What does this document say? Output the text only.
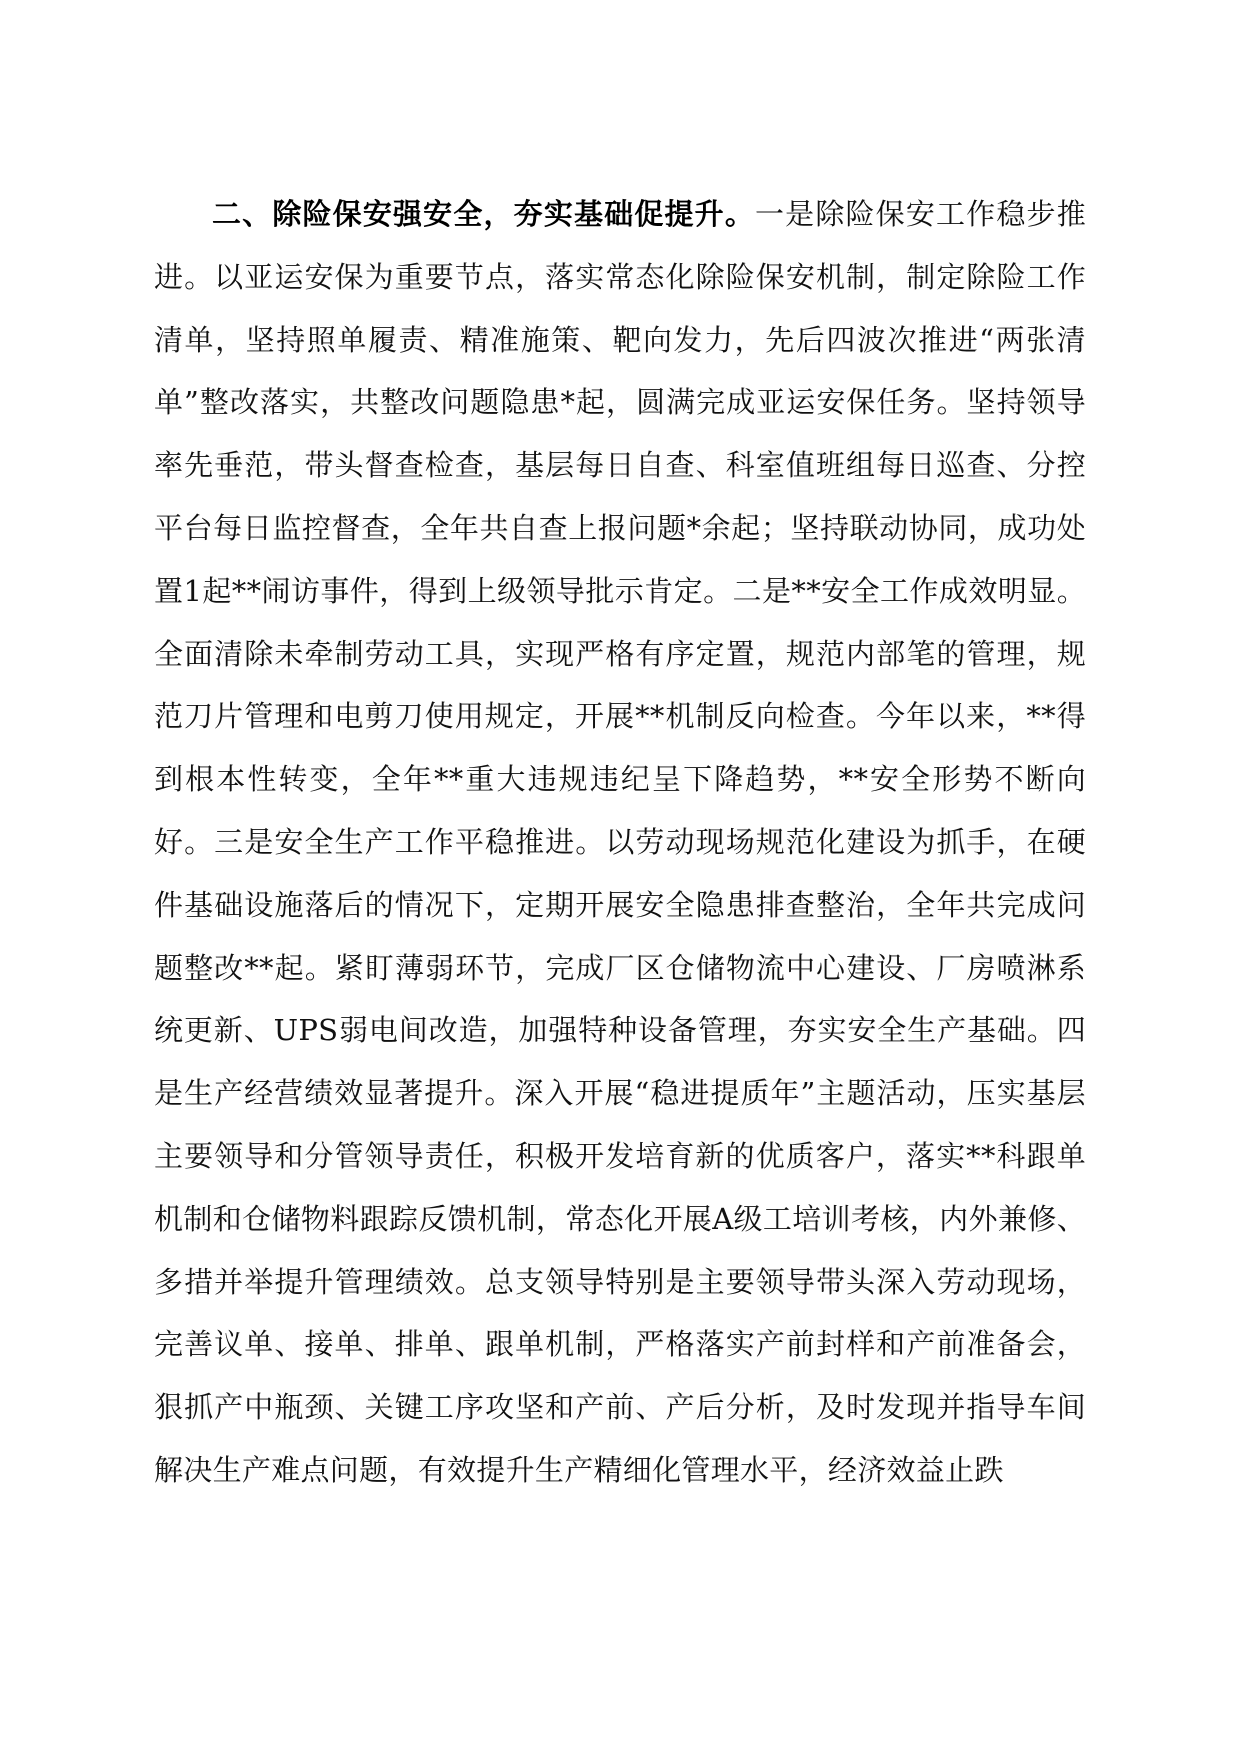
二、除险保安强安全，夯实基础促提升。一是除险保安工作稳步推进。以亚运安保为重要节点，落实常态化除险保安机制，制定除险工作清单，坚持照单履责、精准施策、靶向发力，先后四波次推进“两张清单”整改落实，共整改问题隐患*起，圆满完成亚运安保任务。坚持领导率先垂范，带头督查检查，基层每日自查、科室值班组每日巡查、分控平台每日监控督查，全年共自查上报问题*余起；坚持联动协同，成功处置1起**闹访事件，得到上级领导批示肯定。二是**安全工作成效明显。全面清除未牵制劳动工具，实现严格有序定置，规范内部笔的管理，规范刀片管理和电剪刀使用规定，开展**机制反向检查。今年以来，**得到根本性转变，全年**重大违规违纪呈下降趋势，**安全形势不断向好。三是安全生产工作平稳推进。以劳动现场规范化建设为抓手，在硬件基础设施落后的情况下，定期开展安全隐患排查整治，全年共完成问题整改**起。紧盯薄弱环节，完成厂区仓储物流中心建设、厂房喷淋系统更新、UPS弱电间改造，加强特种设备管理，夯实安全生产基础。四是生产经营绩效显著提升。深入开展“稳进提质年”主题活动，压实基层主要领导和分管领导责任，积极开发培育新的优质客户，落实**科跟单机制和仓储物料跟踪反馈机制，常态化开展A级工培训考核，内外兼修、多措并举提升管理绩效。总支领导特别是主要领导带头深入劳动现场，完善议单、接单、排单、跟单机制，严格落实产前封样和产前准备会，狠抓产中瓶颈、关键工序攻坚和产前、产后分析，及时发现并指导车间解决生产难点问题，有效提升生产精细化管理水平，经济效益止跌
